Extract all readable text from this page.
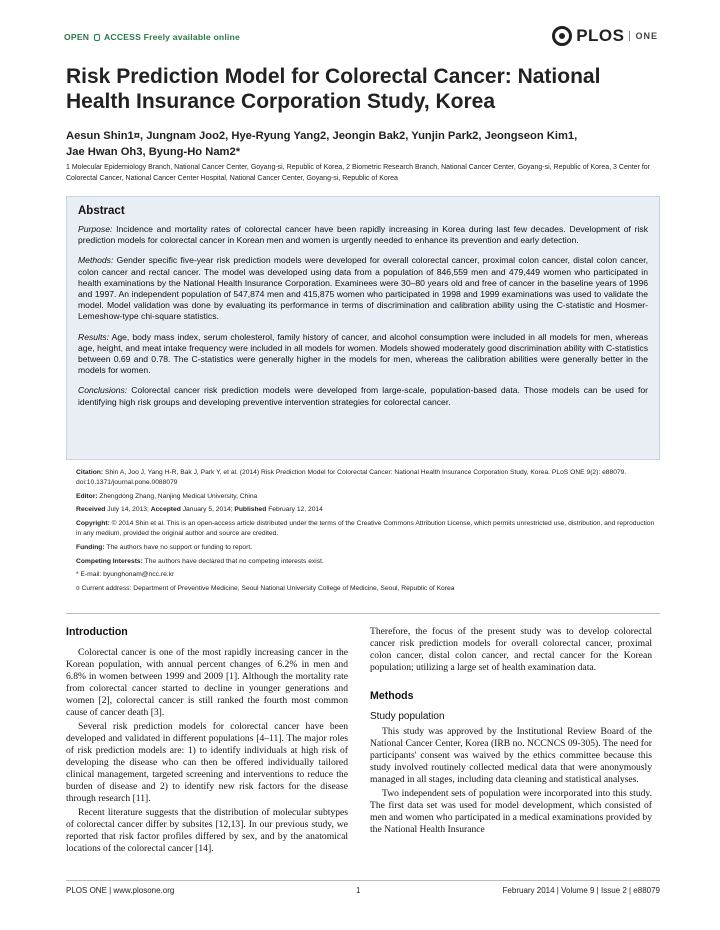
OPEN ACCESS Freely available online	PLOS	ONE
Risk Prediction Model for Colorectal Cancer: National Health Insurance Corporation Study, Korea
Aesun Shin1¤, Jungnam Joo2, Hye-Ryung Yang2, Jeongin Bak2, Yunjin Park2, Jeongseon Kim1,
Jae Hwan Oh3, Byung-Ho Nam2*
1 Molecular Epidemiology Branch, National Cancer Center, Goyang-si, Republic of Korea, 2 Biometric Research Branch, National Cancer Center, Goyang-si, Republic of Korea, 3 Center for Colorectal Cancer, National Cancer Center Hospital, National Cancer Center, Goyang-si, Republic of Korea
Abstract

Purpose: Incidence and mortality rates of colorectal cancer have been rapidly increasing in Korea during last few decades. Development of risk prediction models for colorectal cancer in Korean men and women is urgently needed to enhance its prevention and early detection.

Methods: Gender specific five-year risk prediction models were developed for overall colorectal cancer, proximal colon cancer, distal colon cancer, colon cancer and rectal cancer. The model was developed using data from a population of 846,559 men and 479,449 women who participated in health examinations by the National Health Insurance Corporation. Examinees were 30–80 years old and free of cancer in the baseline years of 1996 and 1997. An independent population of 547,874 men and 415,875 women who participated in 1998 and 1999 examinations was used to validate the model. Model validation was done by evaluating its performance in terms of discrimination and calibration ability using the C-statistic and Hosmer-Lemeshow-type chi-square statistics.

Results: Age, body mass index, serum cholesterol, family history of cancer, and alcohol consumption were included in all models for men, whereas age, height, and meat intake frequency were included in all models for women. Models showed moderately good discrimination ability with C-statistics between 0.69 and 0.78. The C-statistics were generally higher in the models for men, whereas the calibration abilities were generally better in the models for women.

Conclusions: Colorectal cancer risk prediction models were developed from large-scale, population-based data. Those models can be used for identifying high risk groups and developing preventive intervention strategies for colorectal cancer.

Citation: Shin A, Joo J, Yang H-R, Bak J, Park Y, et al. (2014) Risk Prediction Model for Colorectal Cancer: National Health Insurance Corporation Study, Korea. PLoS ONE 9(2): e88079. doi:10.1371/journal.pone.0088079

Editor: Zhengdong Zhang, Nanjing Medical University, China

Received July 14, 2013; Accepted January 5, 2014; Published February 12, 2014

Copyright: © 2014 Shin et al. This is an open-access article distributed under the terms of the Creative Commons Attribution License, which permits unrestricted use, distribution, and reproduction in any medium, provided the original author and source are credited.

Funding: The authors have no support or funding to report.

Competing Interests: The authors have declared that no competing interests exist.

* E-mail: byunghonam@ncc.re.kr

¤ Current address: Department of Preventive Medicine, Seoul National University College of Medicine, Seoul, Republic of Korea

Introduction

Colorectal cancer is one of the most rapidly increasing cancer in the Korean population, with annual percent changes of 6.2% in men and 6.8% in women between 1999 and 2009 [1]. Although the mortality rate from colorectal cancer started to decline in younger generations and women [2], colorectal cancer is still ranked the fourth most common cause of cancer death [3].

Several risk prediction models for colorectal cancer have been developed and validated in different populations [4–11]. The major roles of risk prediction models are: 1) to identify individuals at high risk of developing the disease who can then be offered individually tailored clinical management, targeted screening and interventions to reduce the burden of disease and 2) to identify new risk factors for the disease through research [11].

Recent literature suggests that the distribution of molecular subtypes of colorectal cancer differ by subsites [12,13]. In our previous study, we reported that risk factor profiles differed by sex, and by the anatomical locations of the colorectal cancer [14].

Therefore, the focus of the present study was to develop colorectal cancer risk prediction models for overall colorectal cancer, proximal colon cancer, distal colon cancer, and rectal cancer for the Korean population; utilizing a large set of health examination data.

Methods
Study population

This study was approved by the Institutional Review Board of the National Cancer Center, Korea (IRB no. NCCNCS 09-305). The need for participants' consent was waived by the ethics committee because this study involved routinely collected medical data that were anonymously managed in all stages, including data cleaning and statistical analyses.

Two independent sets of population were incorporated into this study. The first data set was used for model development, which consisted of men and women who participated in a medical examinations provided by the National Health Insurance

PLOS ONE | www.plosone.org	1	February 2014 | Volume 9 | Issue 2 | e88079
